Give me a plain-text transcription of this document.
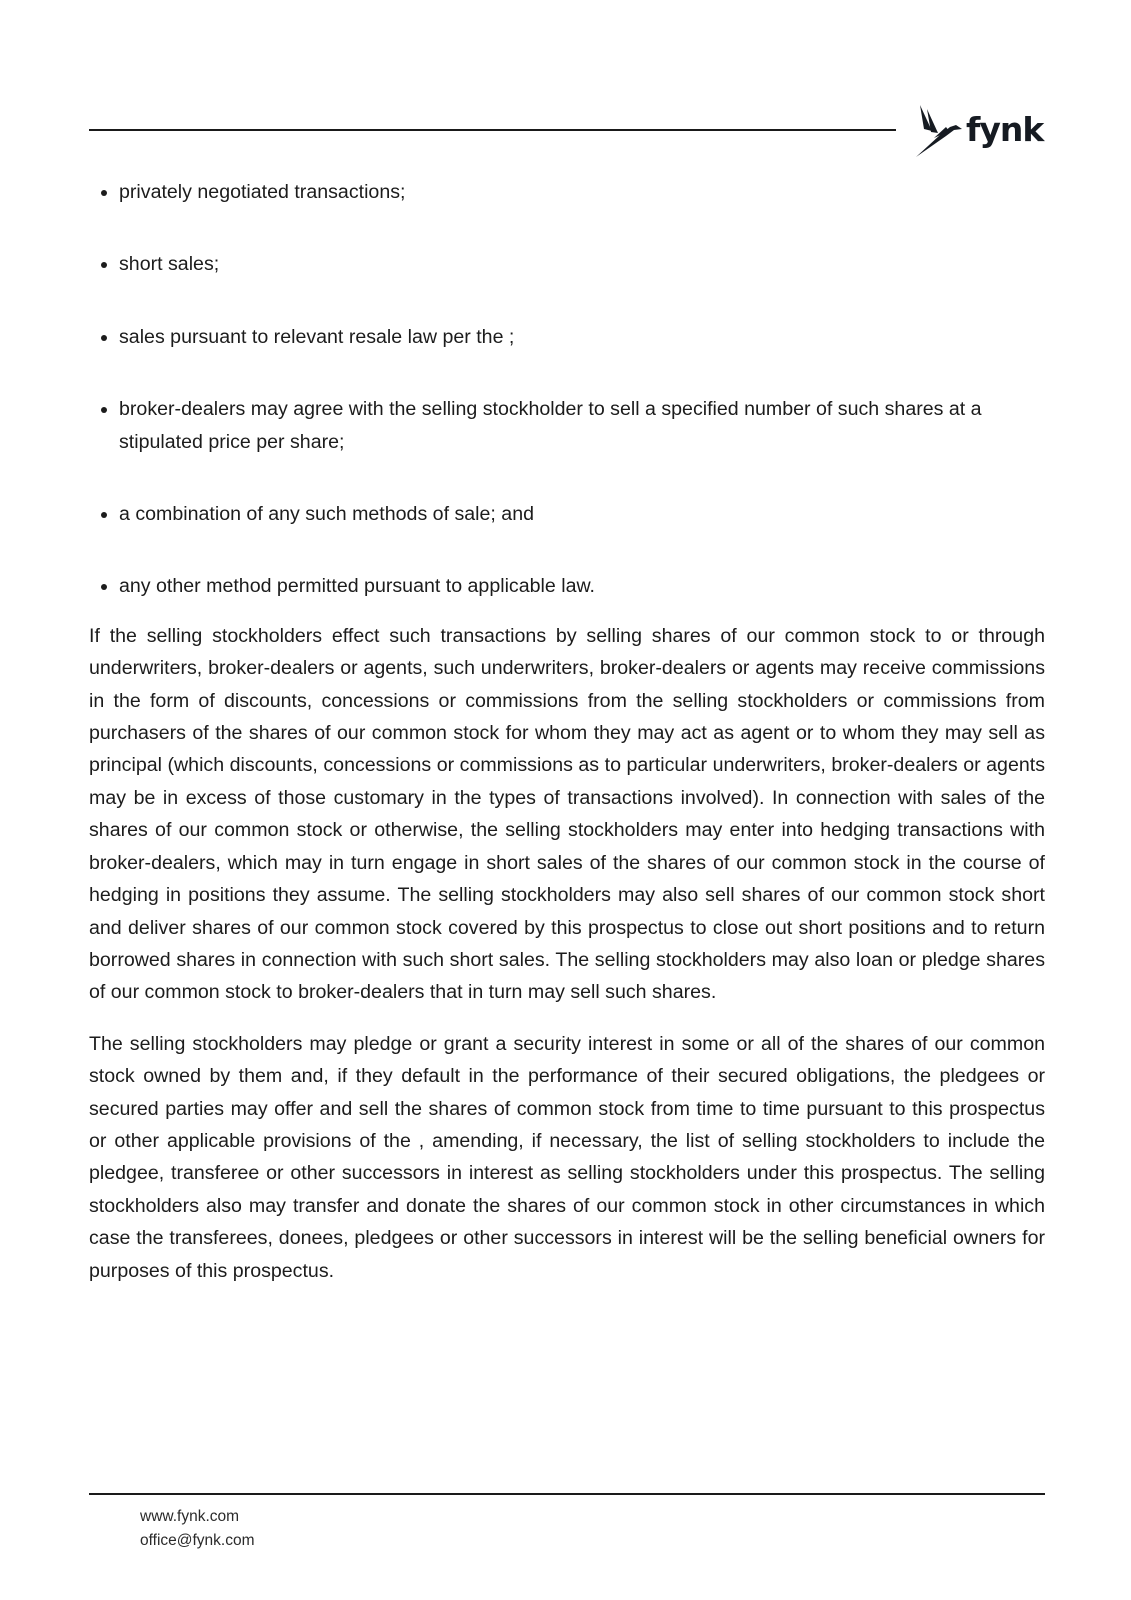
fynk
privately negotiated transactions;
short sales;
sales pursuant to relevant resale law per the ;
broker-dealers may agree with the selling stockholder to sell a specified number of such shares at a stipulated price per share;
a combination of any such methods of sale; and
any other method permitted pursuant to applicable law.

If the selling stockholders effect such transactions by selling shares of our common stock to or through underwriters, broker-dealers or agents, such underwriters, broker-dealers or agents may receive commissions in the form of discounts, concessions or commissions from the selling stockholders or commissions from purchasers of the shares of our common stock for whom they may act as agent or to whom they may sell as principal (which discounts, concessions or commissions as to particular underwriters, broker-dealers or agents may be in excess of those customary in the types of transactions involved). In connection with sales of the shares of our common stock or otherwise, the selling stockholders may enter into hedging transactions with broker-dealers, which may in turn engage in short sales of the shares of our common stock in the course of hedging in positions they assume. The selling stockholders may also sell shares of our common stock short and deliver shares of our common stock covered by this prospectus to close out short positions and to return borrowed shares in connection with such short sales. The selling stockholders may also loan or pledge shares of our common stock to broker-dealers that in turn may sell such shares.

The selling stockholders may pledge or grant a security interest in some or all of the shares of our common stock owned by them and, if they default in the performance of their secured obligations, the pledgees or secured parties may offer and sell the shares of common stock from time to time pursuant to this prospectus or other applicable provisions of the , amending, if necessary, the list of selling stockholders to include the pledgee, transferee or other successors in interest as selling stockholders under this prospectus. The selling stockholders also may transfer and donate the shares of our common stock in other circumstances in which case the transferees, donees, pledgees or other successors in interest will be the selling beneficial owners for purposes of this prospectus.

www.fynk.com
office@fynk.com
